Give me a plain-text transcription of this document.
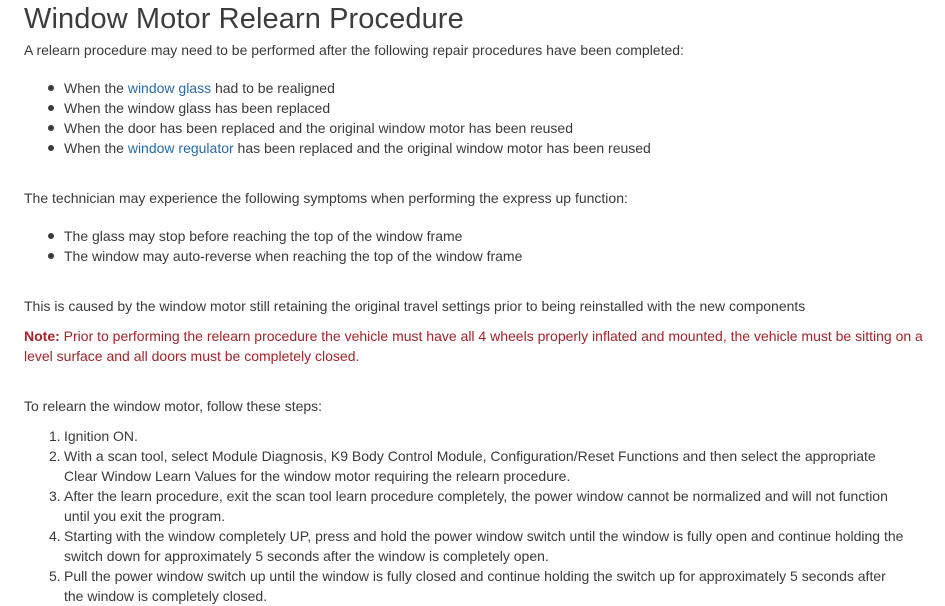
Window Motor Relearn Procedure

A relearn procedure may need to be performed after the following repair procedures have been completed:

When the window glass had to be realigned
When the window glass has been replaced
When the door has been replaced and the original window motor has been reused
When the window regulator has been replaced and the original window motor has been reused

The technician may experience the following symptoms when performing the express up function:

The glass may stop before reaching the top of the window frame
The window may auto-reverse when reaching the top of the window frame

This is caused by the window motor still retaining the original travel settings prior to being reinstalled with the new components

Note: Prior to performing the relearn procedure the vehicle must have all 4 wheels properly inflated and mounted, the vehicle must be sitting on a level surface and all doors must be completely closed.

To relearn the window motor, follow these steps:

1. Ignition ON.
2. With a scan tool, select Module Diagnosis, K9 Body Control Module, Configuration/Reset Functions and then select the appropriate Clear Window Learn Values for the window motor requiring the relearn procedure.
3. After the learn procedure, exit the scan tool learn procedure completely, the power window cannot be normalized and will not function until you exit the program.
4. Starting with the window completely UP, press and hold the power window switch until the window is fully open and continue holding the switch down for approximately 5 seconds after the window is completely open.
5. Pull the power window switch up until the window is fully closed and continue holding the switch up for approximately 5 seconds after the window is completely closed.
